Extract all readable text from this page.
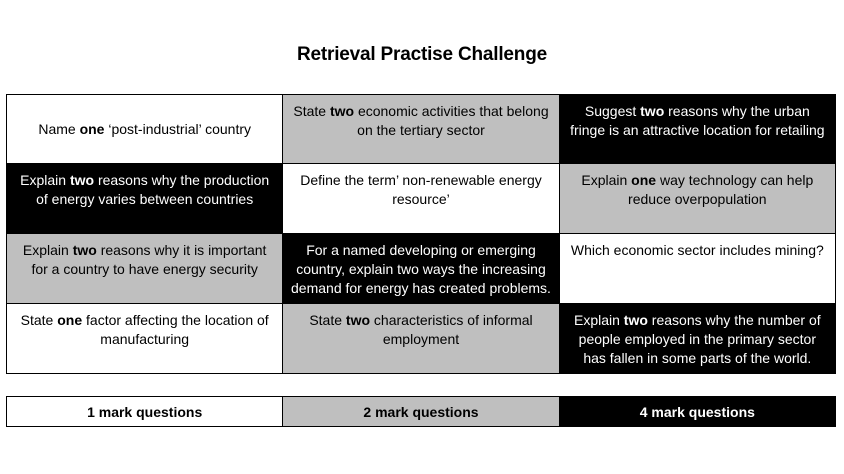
Retrieval Practise Challenge
Name one ‘post-industrial’ country	State two economic activities that belong on the tertiary sector	Suggest two reasons why the urban fringe is an attractive location for retailing
Explain two reasons why the production of energy varies between countries	Define the term’ non-renewable energy resource’	Explain one way technology can help reduce overpopulation
Explain two reasons why it is important for a country to have energy security	For a named developing or emerging country, explain two ways the increasing demand for energy has created problems.	Which economic sector includes mining?
State one factor affecting the location of manufacturing	State two characteristics of informal employment	Explain two reasons why the number of people employed in the primary sector has fallen in some parts of the world.
1 mark questions	2 mark questions	4 mark questions
